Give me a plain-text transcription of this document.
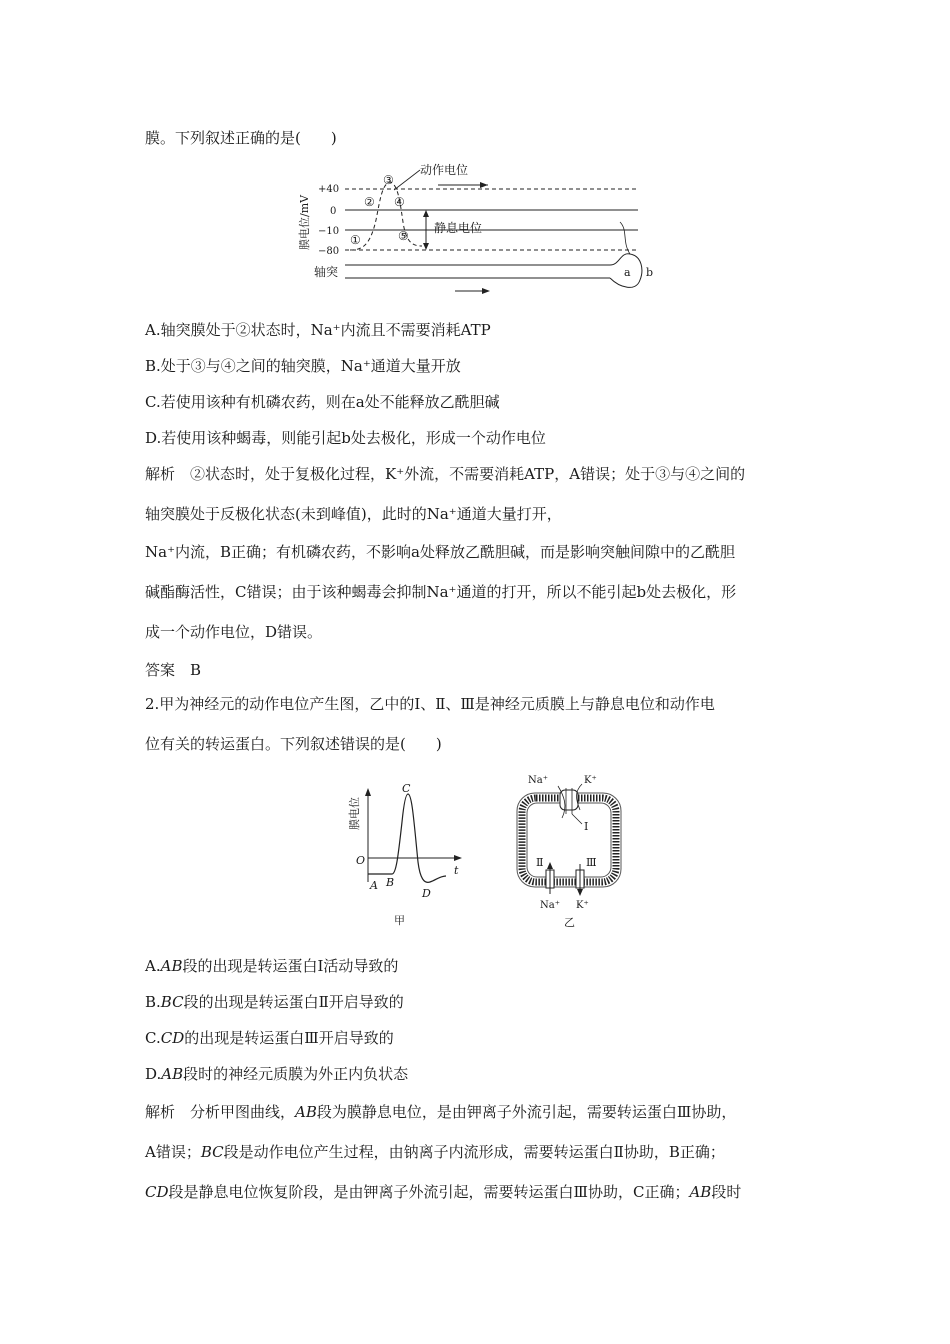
膜。下列叙述正确的是(　　)
膜电位/mV
+40
0
−10
−80
①
②
③
④
⑤
动作电位
静息电位
a b
轴突
A.轴突膜处于②状态时，Na⁺内流且不需要消耗ATP
B.处于③与④之间的轴突膜，Na⁺通道大量开放
C.若使用该种有机磷农药，则在a处不能释放乙酰胆碱
D.若使用该种蝎毒，则能引起b处去极化，形成一个动作电位
解析　②状态时，处于复极化过程，K⁺外流，不需要消耗ATP，A错误；处于③与④之间的
轴突膜处于反极化状态(未到峰值)，此时的Na⁺通道大量打开，
Na⁺内流，B正确；有机磷农药，不影响a处释放乙酰胆碱，而是影响突触间隙中的乙酰胆
碱酯酶活性，C错误；由于该种蝎毒会抑制Na⁺通道的打开，所以不能引起b处去极化，形
成一个动作电位，D错误。
答案　B
2.甲为神经元的动作电位产生图，乙中的Ⅰ、Ⅱ、Ⅲ是神经元质膜上与静息电位和动作电
位有关的转运蛋白。下列叙述错误的是(　　)
膜电位
O
t
A B
C
D
甲
Na⁺	K⁺
Ⅰ
Ⅱ	Ⅲ
Na⁺ K⁺
乙
A.AB段的出现是转运蛋白Ⅰ活动导致的
B.BC段的出现是转运蛋白Ⅱ开启导致的
C.CD的出现是转运蛋白Ⅲ开启导致的
D.AB段时的神经元质膜为外正内负状态
解析　分析甲图曲线，AB段为膜静息电位，是由钾离子外流引起，需要转运蛋白Ⅲ协助，
A错误；BC段是动作电位产生过程，由钠离子内流形成，需要转运蛋白Ⅱ协助，B正确；
CD段是静息电位恢复阶段，是由钾离子外流引起，需要转运蛋白Ⅲ协助，C正确；AB段时
